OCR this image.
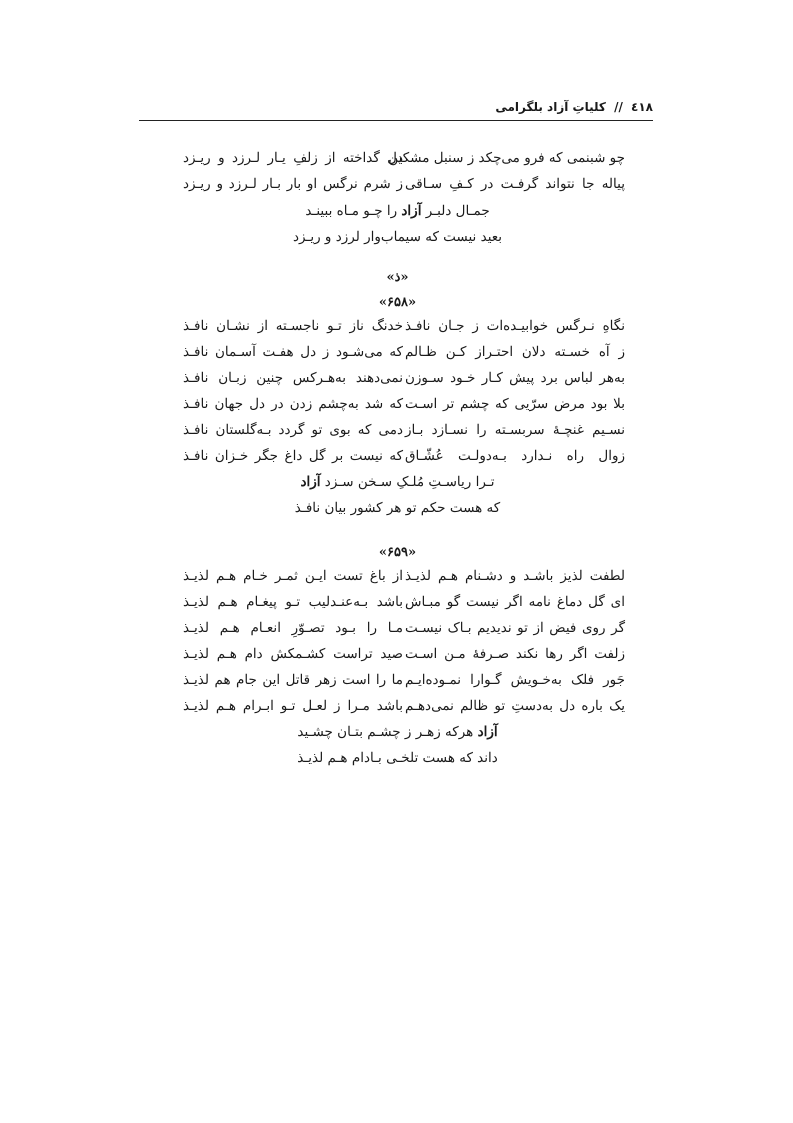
٤١٨ // کلیاتِ آزاد بلگرامی
چو شبنمی که فرو می‌چکد ز سنبل مشکین
دل گداخته از زلفِ یـار لـرزد و ریـزد
پیاله جا نتواند گرفـت در کـفِ سـاقی
ز شرم نرگس او بار بـار لـرزد و ریـزد
جمـال دلبـر آزاد را چـو مـاه ببینـد
بعید نیست که سیماب‌وار لرزد و ریـزد
«ذ»
«۶۵۸»
نگاهِ نـرگس خوابیـده‌ات ز جـان نافـذ
خدنگ ناز تـو ناجسـته از نشـان نافـذ
ز آه خسـته دلان احتـراز کـن ظـالم
که می‌شـود ز دل هفـت آسـمان نافـذ
به‌هر لباس برد پیش کـار خـود سـوزن
نمی‌دهند به‌هـرکس چنین زبـان نافـذ
بلا بود مرض سرّیی که چشم تر اسـت
که شد به‌چشم زدن در دل جهان نافـذ
نسـیم غنچـهٔ سربسـته را نسـازد بـاز
دمی که بوی تو گردد بـه‌گلستان نافـذ
زوال راه نـدارد بـه‌دولـت عُشّـاق
که نیست بر گل داغ جگر خـزان نافـذ
تـرا ریاسـتِ مُلـکِ سـخن سـزد آزاد
که هست حکم تو هر کشور بیان نافـذ
«۶۵۹»
لطفت لذیز باشـد و دشـنام هـم لذیـذ
از باغ تست ایـن ثمـر خـام هـم لذیـذ
ای گل دماغ نامه اگر نیست گو مبـاش
باشد بـه‌عنـدلیب تـو پیغـام هـم لذیـذ
گر روی فیض از تو ندیدیم بـاک نیسـت
مـا را بـود تصـوّرِ انعـام هـم لذیـذ
زلفت اگر رها نکند صـرفهٔ مـن اسـت
صید تراست کشـمکش دام هـم لذیـذ
جَور فلک به‌خـویش گـوارا نمـوده‌ایـم
ما را است زهر قاتل این جام هم لذیـذ
یک باره دل به‌دستِ تو ظالم نمی‌دهـم
باشد مـرا ز لعـل تـو ابـرام هـم لذیـذ
آزاد هرکه زهـر ز چشـم بتـان چشـید
داند که هست تلخـی بـادام هـم لذیـذ
